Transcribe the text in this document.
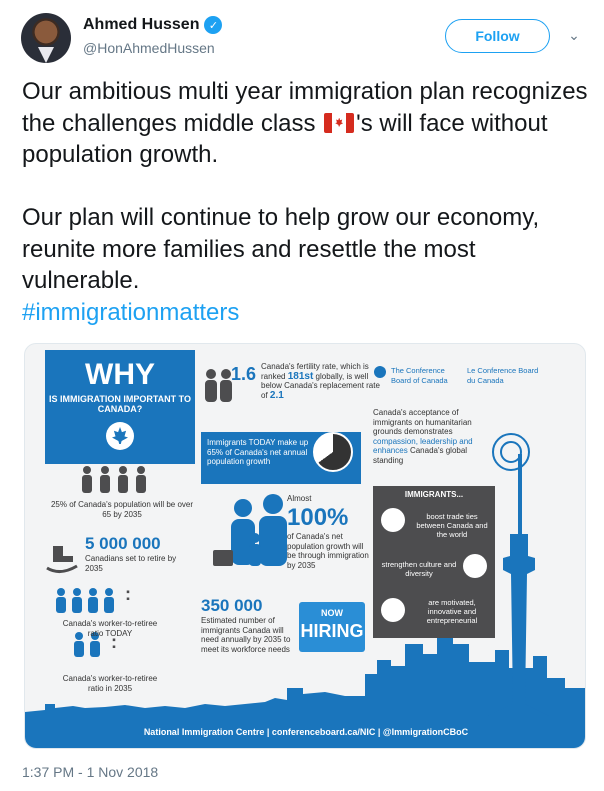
Ahmed Hussen ✓
@HonAhmedHussen
Follow	⌄

Our ambitious multi year immigration plan recognizes the challenges middle class 's will face without population growth.

Our plan will continue to help grow our economy, reunite more families and resettle the most vulnerable.

#immigrationmatters

WHY
IS IMMIGRATION IMPORTANT TO CANADA?
1.6 Canada's fertility rate, which is ranked 181st globally, is well below Canada's replacement rate of 2.1
Immigrants TODAY make up 65% of Canada's net annual population growth
The Conference Board of Canada
Le Conference Board du Canada
Canada's acceptance of immigrants on humanitarian grounds demonstrates compassion, leadership and enhances Canada's global standing
25% of Canada's population will be over 65 by 2035
5 000 000
Canadians set to retire by 2035
Canada's worker-to-retiree ratio TODAY
Canada's worker-to-retiree ratio in 2035
:
:
Almost
100%
of Canada's net population growth will be through immigration by 2035
350 000
Estimated number of immigrants Canada will need annually by 2035 to meet its workforce needs
NOW
HIRING
IMMIGRANTS...
boost trade ties between Canada and the world
strengthen culture and diversity
are motivated, innovative and entrepreneurial
National Immigration Centre | conferenceboard.ca/NIC | @ImmigrationCBoC
1:37 PM - 1 Nov 2018
